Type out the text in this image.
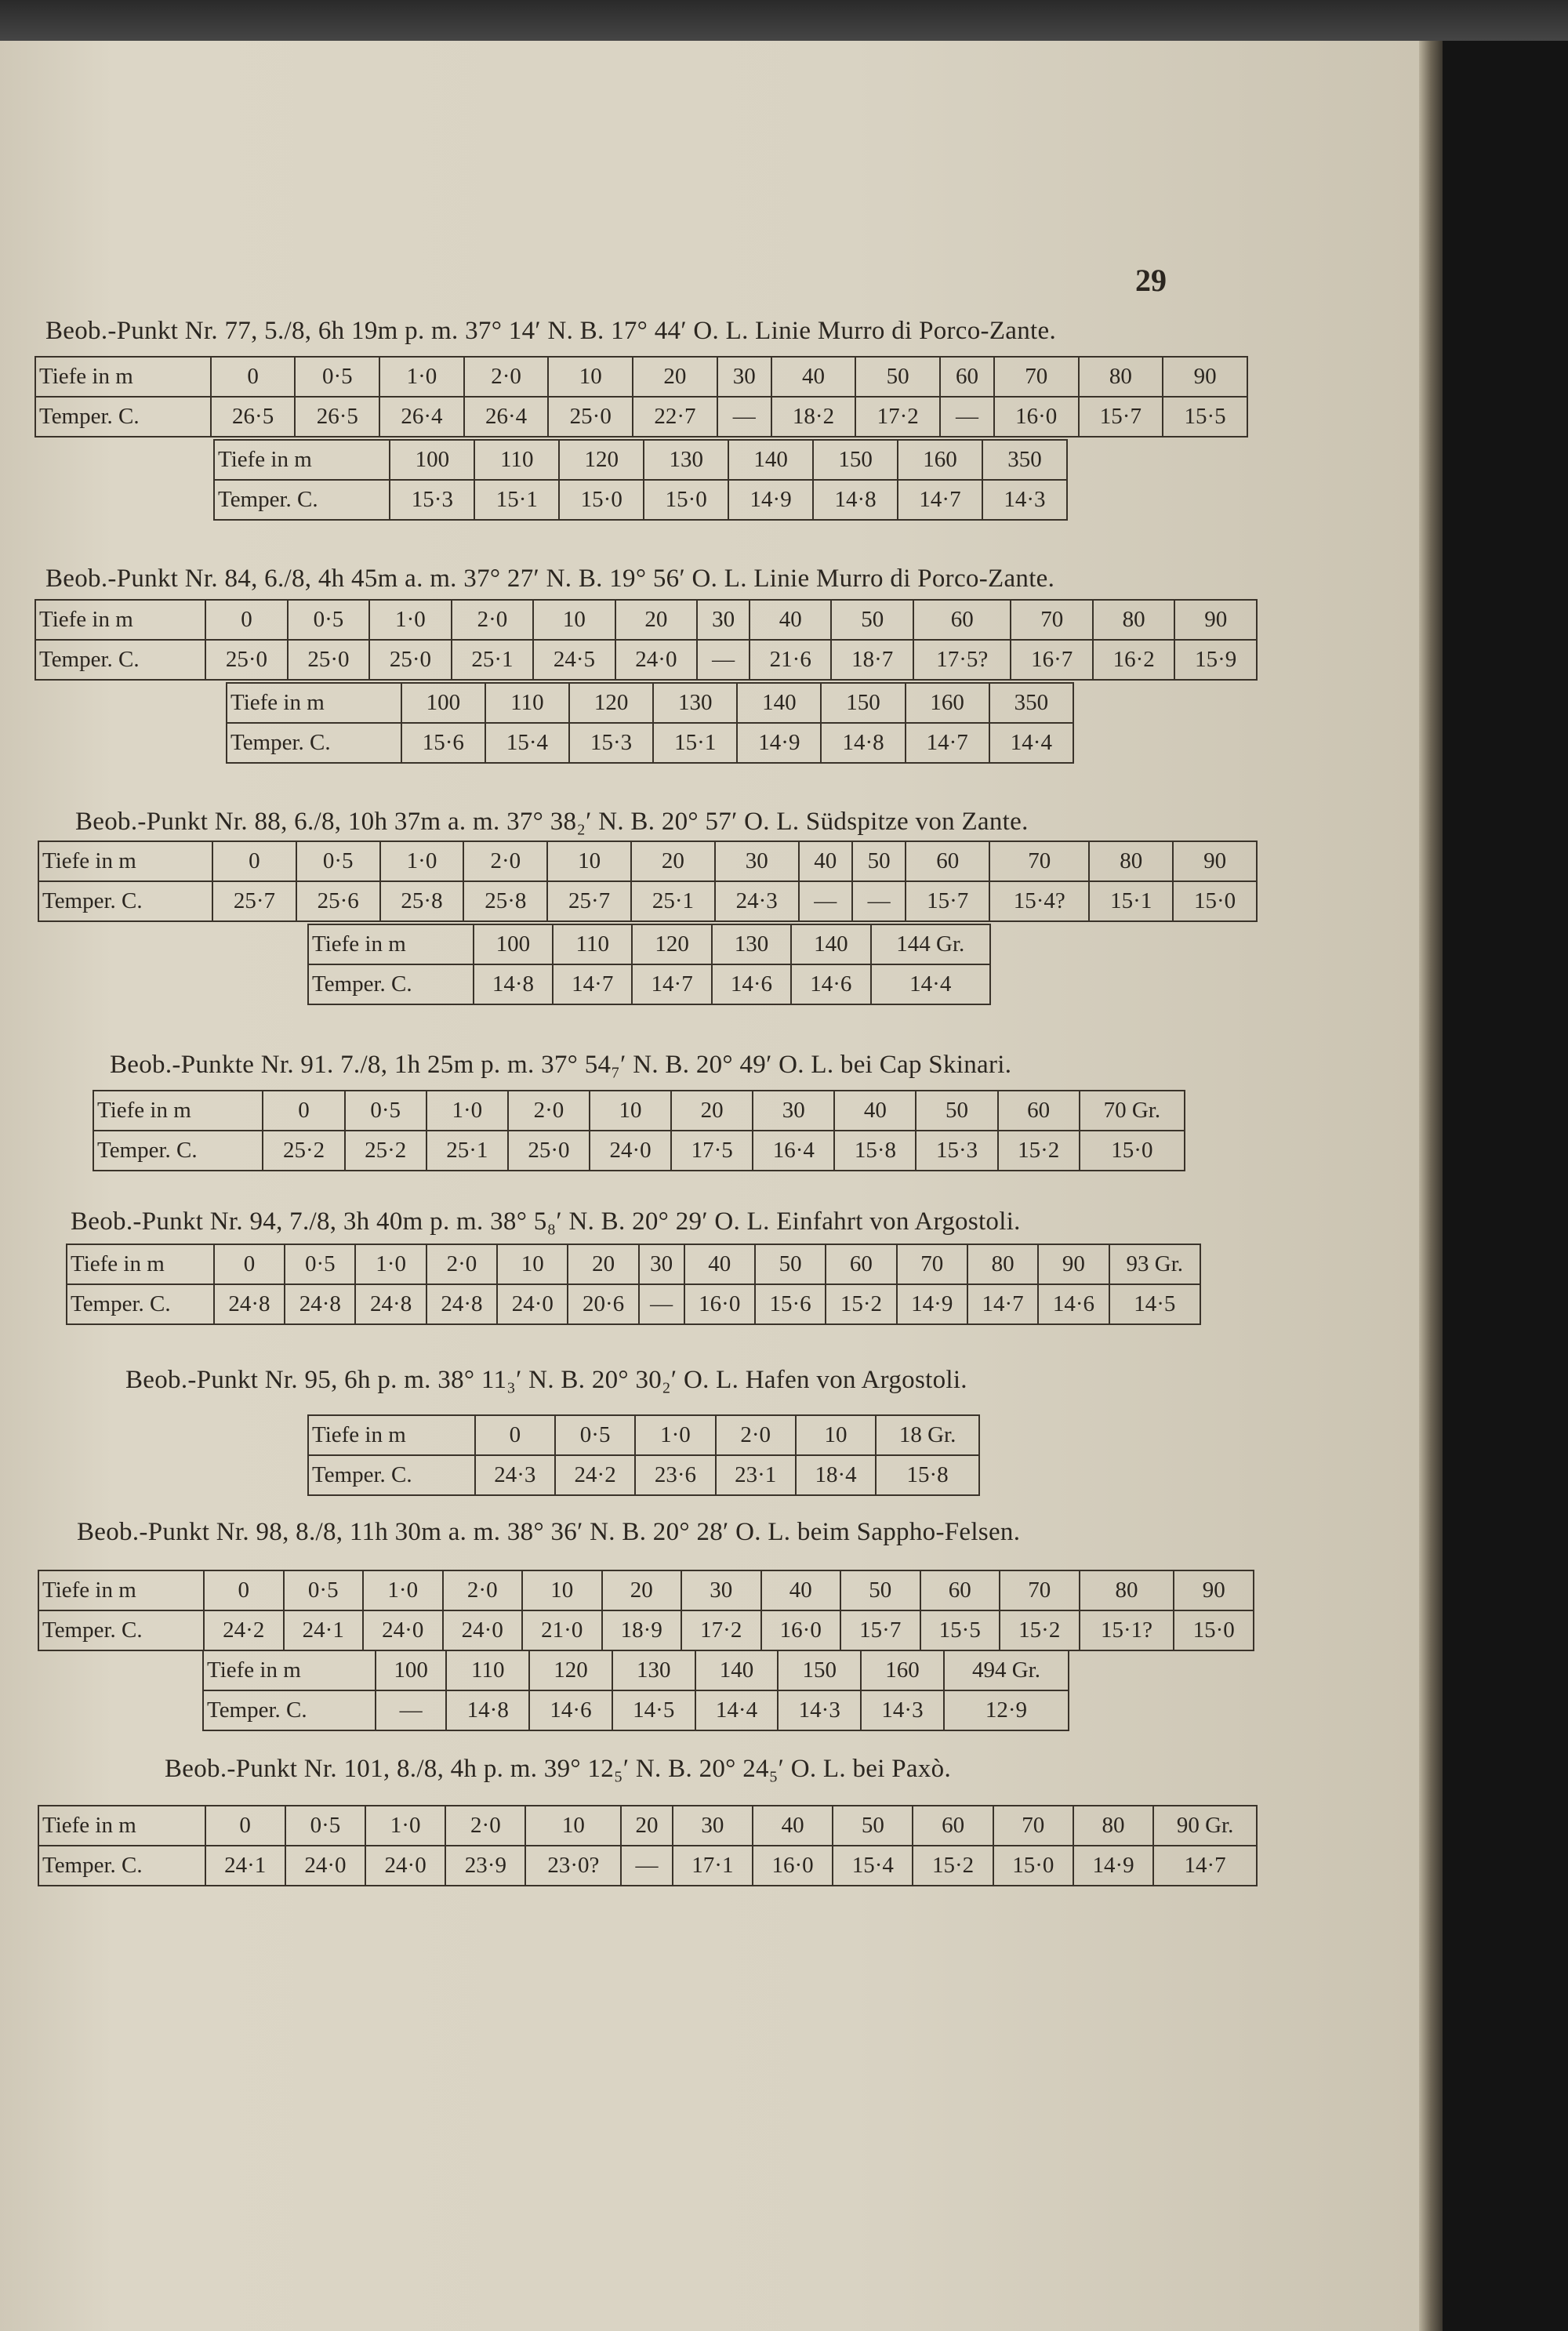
29
Beob.-Punkt Nr. 77, 5./8, 6h 19m p. m. 37° 14′ N. B. 17° 44′ O. L. Linie Murro di Porco-Zante.
Tiefe in m	0	0·5	1·0	2·0	10	20	30	40	50	60	70	80	90
Temper. C.	26·5	26·5	26·4	26·4	25·0	22·7	—	18·2	17·2	—	16·0	15·7	15·5
Tiefe in m	100	110	120	130	140	150	160	350
Temper. C.	15·3	15·1	15·0	15·0	14·9	14·8	14·7	14·3
Beob.-Punkt Nr. 84, 6./8, 4h 45m a. m. 37° 27′ N. B. 19° 56′ O. L. Linie Murro di Porco-Zante.
Tiefe in m	0	0·5	1·0	2·0	10	20	30	40	50	60	70	80	90
Temper. C.	25·0	25·0	25·0	25·1	24·5	24·0	—	21·6	18·7	17·5?	16·7	16·2	15·9
Tiefe in m	100	110	120	130	140	150	160	350
Temper. C.	15·6	15·4	15·3	15·1	14·9	14·8	14·7	14·4
Beob.-Punkt Nr. 88, 6./8, 10h 37m a. m. 37° 38₂′ N. B. 20° 57′ O. L. Südspitze von Zante.
Tiefe in m	0	0·5	1·0	2·0	10	20	30	40	50	60	70	80	90
Temper. C.	25·7	25·6	25·8	25·8	25·7	25·1	24·3	—	—	15·7	15·4?	15·1	15·0
Tiefe in m	100	110	120	130	140	144 Gr.
Temper. C.	14·8	14·7	14·7	14·6	14·6	14·4
Beob.-Punkte Nr. 91. 7./8, 1h 25m p. m. 37° 54₇′ N. B. 20° 49′ O. L. bei Cap Skinari.
Tiefe in m	0	0·5	1·0	2·0	10	20	30	40	50	60	70 Gr.
Temper. C.	25·2	25·2	25·1	25·0	24·0	17·5	16·4	15·8	15·3	15·2	15·0
Beob.-Punkt Nr. 94, 7./8, 3h 40m p. m. 38° 5₈′ N. B. 20° 29′ O. L. Einfahrt von Argostoli.
Tiefe in m	0	0·5	1·0	2·0	10	20	30	40	50	60	70	80	90	93 Gr.
Temper. C.	24·8	24·8	24·8	24·8	24·0	20·6	—	16·0	15·6	15·2	14·9	14·7	14·6	14·5
Beob.-Punkt Nr. 95, 6h p. m. 38° 11₃′ N. B. 20° 30₂′ O. L. Hafen von Argostoli.
Tiefe in m	0	0·5	1·0	2·0	10	18 Gr.
Temper. C.	24·3	24·2	23·6	23·1	18·4	15·8
Beob.-Punkt Nr. 98, 8./8, 11h 30m a. m. 38° 36′ N. B. 20° 28′ O. L. beim Sappho-Felsen.
Tiefe in m	0	0·5	1·0	2·0	10	20	30	40	50	60	70	80	90
Temper. C.	24·2	24·1	24·0	24·0	21·0	18·9	17·2	16·0	15·7	15·5	15·2	15·1?	15·0
Tiefe in m	100	110	120	130	140	150	160	494 Gr.
Temper. C.	—	14·8	14·6	14·5	14·4	14·3	14·3	12·9
Beob.-Punkt Nr. 101, 8./8, 4h p. m. 39° 12₅′ N. B. 20° 24₅′ O. L. bei Paxò.
Tiefe in m	0	0·5	1·0	2·0	10	20	30	40	50	60	70	80	90 Gr.
Temper. C.	24·1	24·0	24·0	23·9	23·0?	—	17·1	16·0	15·4	15·2	15·0	14·9	14·7
